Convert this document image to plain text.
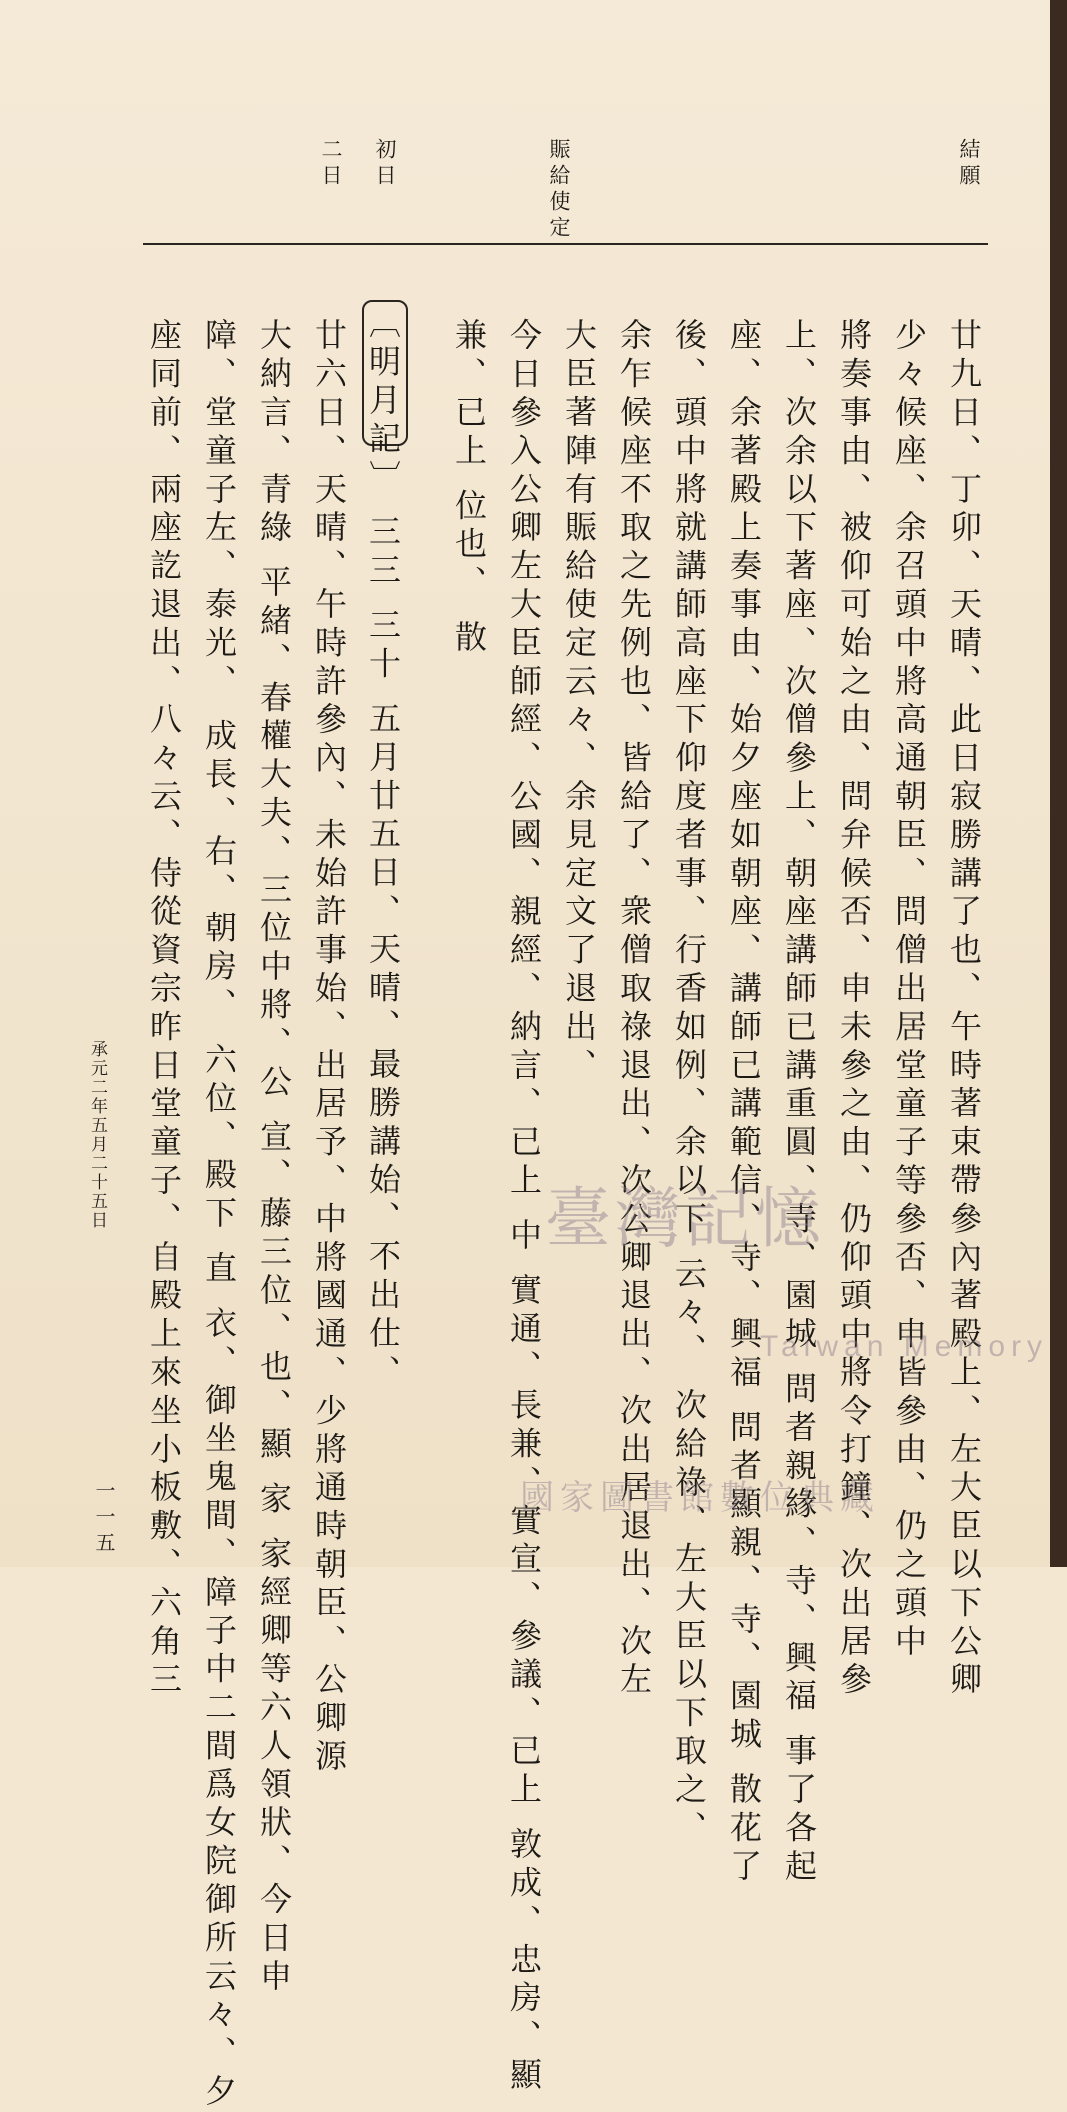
結願
賑給使定
初日
二日
廿九日、丁卯、天晴、此日寂勝講了也、午時著束帶參內著殿上、左大臣以下公卿
少々候座、余召頭中將高通朝臣、問僧出居堂童子等參否、申皆參由、仍之頭中
將奏事由、被仰可始之由、問弁候否、申未參之由、仍仰頭中將令打鐘、次出居參
上、次余以下著座、次僧參上、朝座講師已講重圓、寺、園城 問者親緣、寺、興福 事了各起
座、余著殿上奏事由、始夕座如朝座、講師已講範信、寺、興福 問者顯親、寺、園城 散花了
後、頭中將就講師高座下仰度者事、行香如例、余以下 云々、 次給祿、左大臣以下取之、
余乍候座不取之先例也、皆給了、衆僧取祿退出、次公卿退出、次出居退出、次左
大臣著陣有賑給使定云々、余見定文了退出、
今日參入公卿左大臣師經、公國、親經、納言、已上 中 實通、長兼、實宣、參議、已上 敦成、忠房、顯
兼、已上 位也、 散
〔明月記〕 三三 三十 五月廿五日、天晴、最勝講始、不出仕、
廿六日、天晴、午時許參內、未始許事始、出居予、中將國通、少將通時朝臣、公卿源
大納言、青綠 平緒、春權大夫、三位中將、公 宣、藤三位、也、顯 家 家經卿等六人領狀、今日申
障、堂童子左、泰光、 成長、右、朝房、 六位、殿下 直 衣、御坐鬼間、障子中二間爲女院御所云々、夕
座同前、兩座訖退出、八々云、侍從資宗昨日堂童子、自殿上來坐小板敷、六角三
承元二年五月二十五日
一一五
臺灣記憶
Taiwan Memory
國家圖書館數位典藏
